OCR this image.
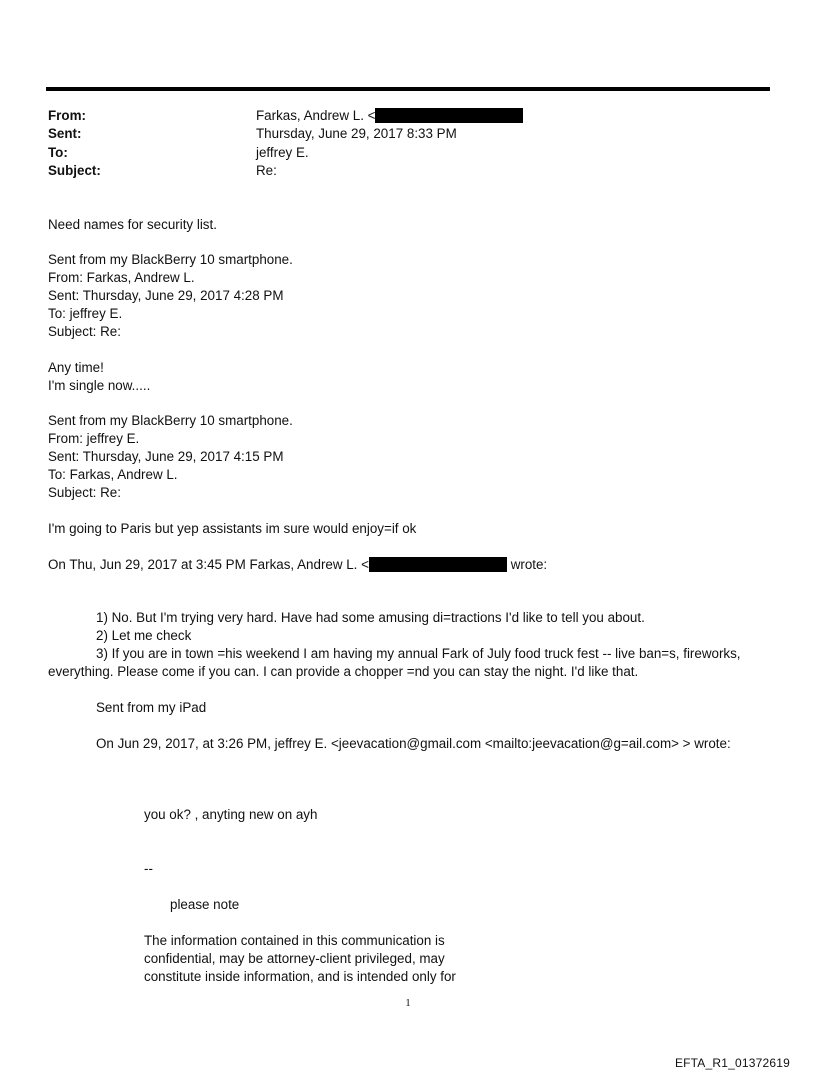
From:	Farkas, Andrew L. <
Sent:	Thursday, June 29, 2017 8:33 PM
To:	jeffrey E.
Subject:	Re:
Need names for security list.
Sent from my BlackBerry 10 smartphone.
From: Farkas, Andrew L.
Sent: Thursday, June 29, 2017 4:28 PM
To: jeffrey E.
Subject: Re:
Any time!
I'm single now.....
Sent from my BlackBerry 10 smartphone.
From: jeffrey E.
Sent: Thursday, June 29, 2017 4:15 PM
To: Farkas, Andrew L.
Subject: Re:
I'm going to Paris but yep assistants im sure would enjoy=if ok
On Thu, Jun 29, 2017 at 3:45 PM Farkas, Andrew L. <	wrote:
1) No. But I'm trying very hard. Have had some amusing di=tractions I'd like to tell you about.
2) Let me check
3) If you are in town =his weekend I am having my annual Fark of July food truck fest -- live ban=s, fireworks,
everything. Please come if you can. I can provide a chopper =nd you can stay the night. I'd like that.
Sent from my iPad
On Jun 29, 2017, at 3:26 PM, jeffrey E. <jeevacation@gmail.com <mailto:jeevacation@g=ail.com> > wrote:
you ok? , anyting new on ayh
--
please note
The information contained in this communication is
confidential, may be attorney-client privileged, may
constitute inside information, and is intended only for
1
EFTA_R1_01372619
